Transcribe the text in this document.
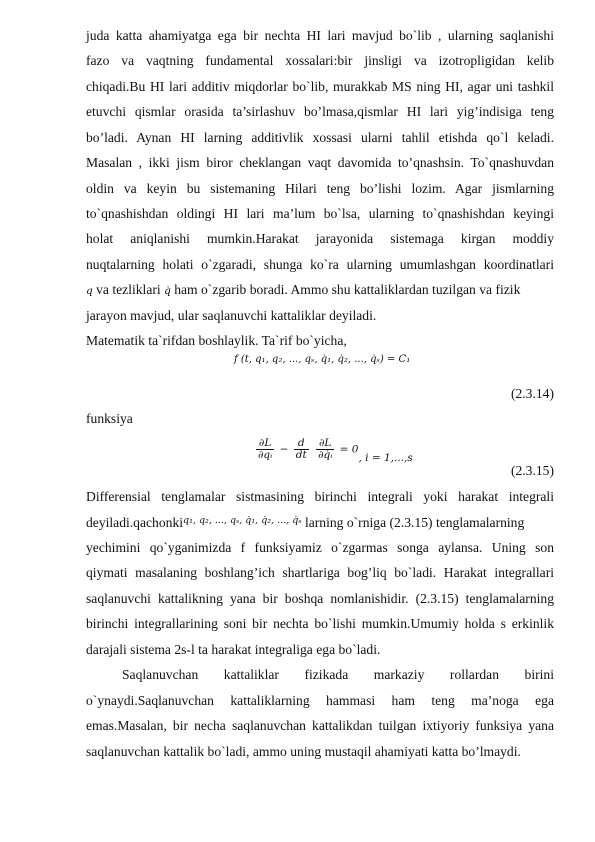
juda katta ahamiyatga ega bir nechta HI lari mavjud bo`lib , ularning saqlanishi
fazo va vaqtning fundamental xossalari:bir jinsligi va izotropligidan kelib
chiqadi.Bu HI lari additiv miqdorlar bo`lib, murakkab MS ning HI, agar uni tashkil
etuvchi qismlar orasida ta’sirlashuv bo’lmasa,qismlar HI lari yig’indisiga teng
bo’ladi. Aynan HI larning additivlik xossasi ularni tahlil etishda qo`l keladi.
Masalan , ikki jism biror cheklangan vaqt davomida to’qnashsin. To`qnashuvdan
oldin va keyin bu sistemaning Hilari teng bo’lishi lozim. Agar jismlarning
to`qnashishdan oldingi HI lari ma’lum bo`lsa, ularning to`qnashishdan keyingi
holat aniqlanishi mumkin.Harakat jarayonida sistemaga kirgan moddiy
nuqtalarning holati o`zgaradi, shunga ko`ra ularning umumlashgan koordinatlari
q va tezliklari q̇ ham o`zgarib boradi. Ammo shu kattaliklardan tuzilgan va fizik
jarayon mavjud, ular saqlanuvchi kattaliklar deyiladi.
Matematik ta`rifdan boshlaylik. Ta`rif bo`yicha,
f (t, q₁, q₂, ..., qₛ, q̇₁, q̇₂, ..., q̇ₛ) = C₁
(2.3.14)
funksiya
$\frac{\partial L}{\text{∂qᵢ}} - \frac{d}{dt}$
$\frac{\partial L}{\text{∂q̇ᵢ}} = 0$, i = 1,...,s
(2.3.15)
Differensial tenglamalar sistmasining birinchi integrali yoki harakat integrali
deyiladi.qachonki$^{q_1, q_2, ..., q_s, q̇_1, q̇_2, ..., q̇_s}$ larning o`rniga (2.3.15) tenglamalarning
yechimini qo`yganimizda f funksiyamiz o`zgarmas songa aylansa. Uning son
qiymati masalaning boshlang’ich shartlariga bog’liq bo`ladi. Harakat integrallari
saqlanuvchi kattalikning yana bir boshqa nomlanishidir. (2.3.15) tenglamalarning
birinchi integrallarining soni bir nechta bo`lishi mumkin.Umumiy holda s erkinlik
darajali sistema 2s-l ta harakat integraliga ega bo`ladi.
Saqlanuvchan kattaliklar fizikada markaziy rollardan birini
o`ynaydi.Saqlanuvchan kattaliklarning hammasi ham teng ma’noga ega
emas.Masalan, bir necha saqlanuvchan kattalikdan tuilgan ixtiyoriy funksiya yana
saqlanuvchan kattalik bo`ladi, ammo uning mustaqil ahamiyati katta bo’lmaydi.
